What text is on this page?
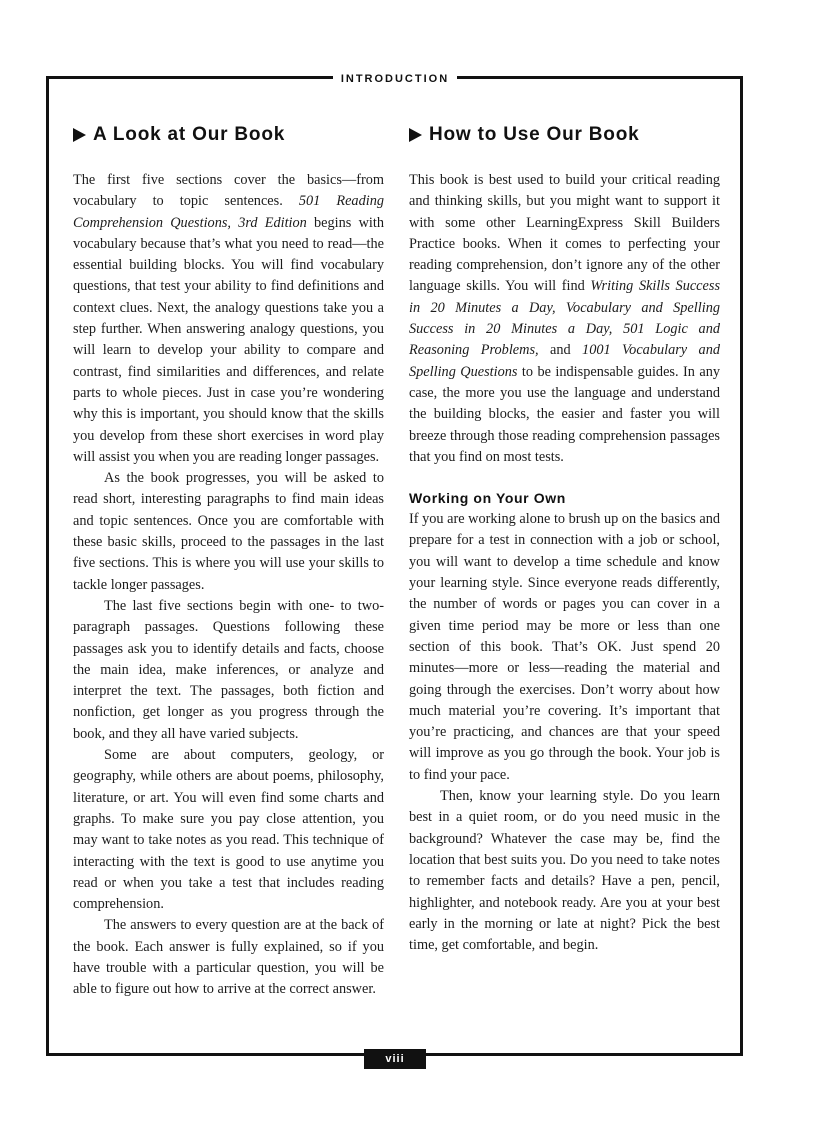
INTRODUCTION
A Look at Our Book

The first five sections cover the basics—from vocabulary to topic sentences. 501 Reading Comprehension Questions, 3rd Edition begins with vocabulary because that’s what you need to read—the essential building blocks. You will find vocabulary questions, that test your ability to find definitions and context clues. Next, the analogy questions take you a step further. When answering analogy questions, you will learn to develop your ability to compare and contrast, find similarities and differences, and relate parts to whole pieces. Just in case you’re wondering why this is important, you should know that the skills you develop from these short exercises in word play will assist you when you are reading longer passages.

As the book progresses, you will be asked to read short, interesting paragraphs to find main ideas and topic sentences. Once you are comfortable with these basic skills, proceed to the passages in the last five sections. This is where you will use your skills to tackle longer passages.

The last five sections begin with one- to two-paragraph passages. Questions following these passages ask you to identify details and facts, choose the main idea, make inferences, or analyze and interpret the text. The passages, both fiction and nonfiction, get longer as you progress through the book, and they all have varied subjects.

Some are about computers, geology, or geography, while others are about poems, philosophy, literature, or art. You will even find some charts and graphs. To make sure you pay close attention, you may want to take notes as you read. This technique of interacting with the text is good to use anytime you read or when you take a test that includes reading comprehension.

The answers to every question are at the back of the book. Each answer is fully explained, so if you have trouble with a particular question, you will be able to figure out how to arrive at the correct answer.

How to Use Our Book

This book is best used to build your critical reading and thinking skills, but you might want to support it with some other LearningExpress Skill Builders Practice books. When it comes to perfecting your reading comprehension, don’t ignore any of the other language skills. You will find Writing Skills Success in 20 Minutes a Day, Vocabulary and Spelling Success in 20 Minutes a Day, 501 Logic and Reasoning Problems, and 1001 Vocabulary and Spelling Questions to be indispensable guides. In any case, the more you use the language and understand the building blocks, the easier and faster you will breeze through those reading comprehension passages that you find on most tests.

Working on Your Own

If you are working alone to brush up on the basics and prepare for a test in connection with a job or school, you will want to develop a time schedule and know your learning style. Since everyone reads differently, the number of words or pages you can cover in a given time period may be more or less than one section of this book. That’s OK. Just spend 20 minutes—more or less—reading the material and going through the exercises. Don’t worry about how much material you’re covering. It’s important that you’re practicing, and chances are that your speed will improve as you go through the book. Your job is to find your pace.

Then, know your learning style. Do you learn best in a quiet room, or do you need music in the background? Whatever the case may be, find the location that best suits you. Do you need to take notes to remember facts and details? Have a pen, pencil, highlighter, and notebook ready. Are you at your best early in the morning or late at night? Pick the best time, get comfortable, and begin.

viii
